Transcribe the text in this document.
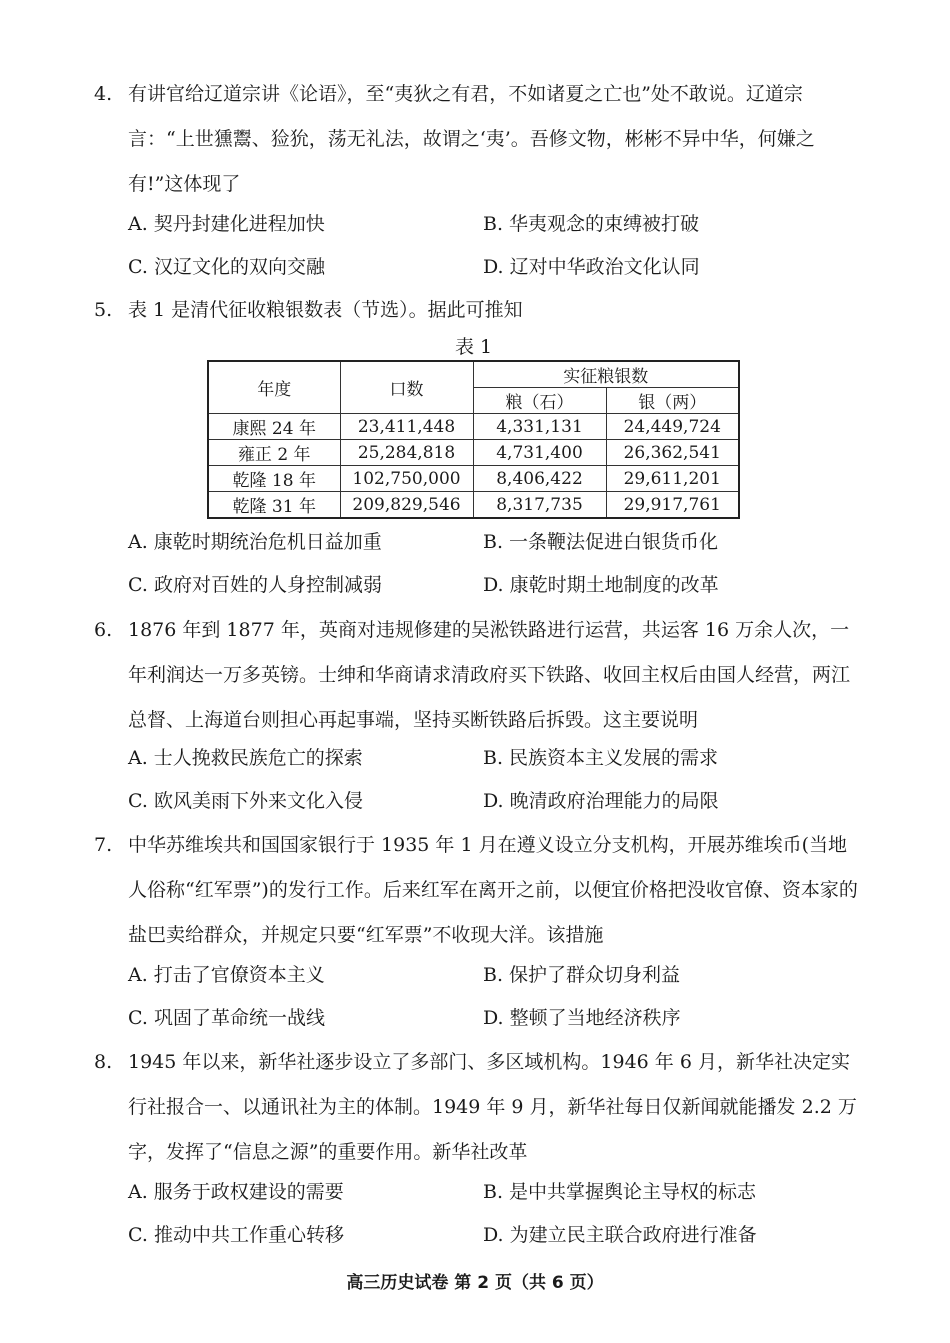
4. 有讲官给辽道宗讲《论语》，至“夷狄之有君，不如诸夏之亡也”处不敢说。辽道宗言：“上世獯鬻、猃狁，荡无礼法，故谓之‘夷’。吾修文物，彬彬不异中华，何嫌之有!”这体现了
A. 契丹封建化进程加快	B. 华夷观念的束缚被打破
C. 汉辽文化的双向交融	D. 辽对中华政治文化认同
5. 表 1 是清代征收粮银数表（节选）。据此可推知
表 1
年度	口数	实征粮银数	
		粮（石）	银（两）
康熙 24 年	23,411,448	4,331,131	24,449,724
雍正 2 年	25,284,818	4,731,400	26,362,541
乾隆 18 年	102,750,000	8,406,422	29,611,201
乾隆 31 年	209,829,546	8,317,735	29,917,761
A. 康乾时期统治危机日益加重	B. 一条鞭法促进白银货币化
C. 政府对百姓的人身控制减弱	D. 康乾时期土地制度的改革
6. 1876 年到 1877 年，英商对违规修建的吴淞铁路进行运营，共运客 16 万余人次，一年利润达一万多英镑。士绅和华商请求清政府买下铁路、收回主权后由国人经营，两江总督、上海道台则担心再起事端，坚持买断铁路后拆毁。这主要说明
A. 士人挽救民族危亡的探索	B. 民族资本主义发展的需求
C. 欧风美雨下外来文化入侵	D. 晚清政府治理能力的局限
7. 中华苏维埃共和国国家银行于 1935 年 1 月在遵义设立分支机构，开展苏维埃币(当地人俗称“红军票”)的发行工作。后来红军在离开之前，以便宜价格把没收官僚、资本家的盐巴卖给群众，并规定只要“红军票”不收现大洋。该措施
A. 打击了官僚资本主义	B. 保护了群众切身利益
C. 巩固了革命统一战线	D. 整顿了当地经济秩序
8. 1945 年以来，新华社逐步设立了多部门、多区域机构。1946 年 6 月，新华社决定实行社报合一、以通讯社为主的体制。1949 年 9 月，新华社每日仅新闻就能播发 2.2 万字，发挥了“信息之源”的重要作用。新华社改革
A. 服务于政权建设的需要	B. 是中共掌握舆论主导权的标志
C. 推动中共工作重心转移	D. 为建立民主联合政府进行准备
高三历史试卷 第 2 页（共 6 页）
